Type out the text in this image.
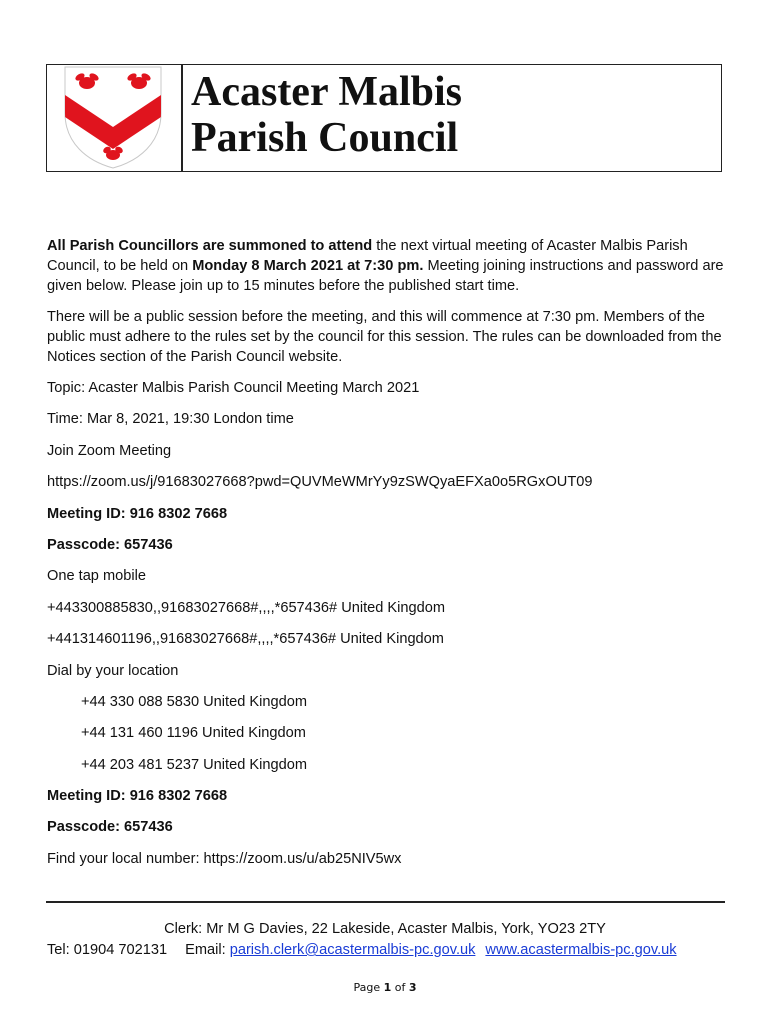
Acaster Malbis
Parish Council

All Parish Councillors are summoned to attend the next virtual meeting of Acaster Malbis Parish Council, to be held on Monday 8 March 2021 at 7:30 pm. Meeting joining instructions and password are given below. Please join up to 15 minutes before the published start time.

There will be a public session before the meeting, and this will commence at 7:30 pm. Members of the public must adhere to the rules set by the council for this session. The rules can be downloaded from the Notices section of the Parish Council website.

Topic: Acaster Malbis Parish Council Meeting March 2021

Time: Mar 8, 2021, 19:30 London time

Join Zoom Meeting

https://zoom.us/j/91683027668?pwd=QUVMeWMrYy9zSWQyaEFXa0o5RGxOUT09

Meeting ID: 916 8302 7668

Passcode: 657436

One tap mobile

+443300885830,,91683027668#,,,,*657436# United Kingdom

+441314601196,,91683027668#,,,,*657436# United Kingdom

Dial by your location

+44 330 088 5830 United Kingdom

+44 131 460 1196 United Kingdom

+44 203 481 5237 United Kingdom

Meeting ID: 916 8302 7668

Passcode: 657436

Find your local number: https://zoom.us/u/ab25NIV5wx

Clerk: Mr M G Davies, 22 Lakeside, Acaster Malbis, York, YO23 2TY
Tel: 01904 702131 Email: parish.clerk@acastermalbis-pc.gov.uk www.acastermalbis-pc.gov.uk
Page 1 of 3
